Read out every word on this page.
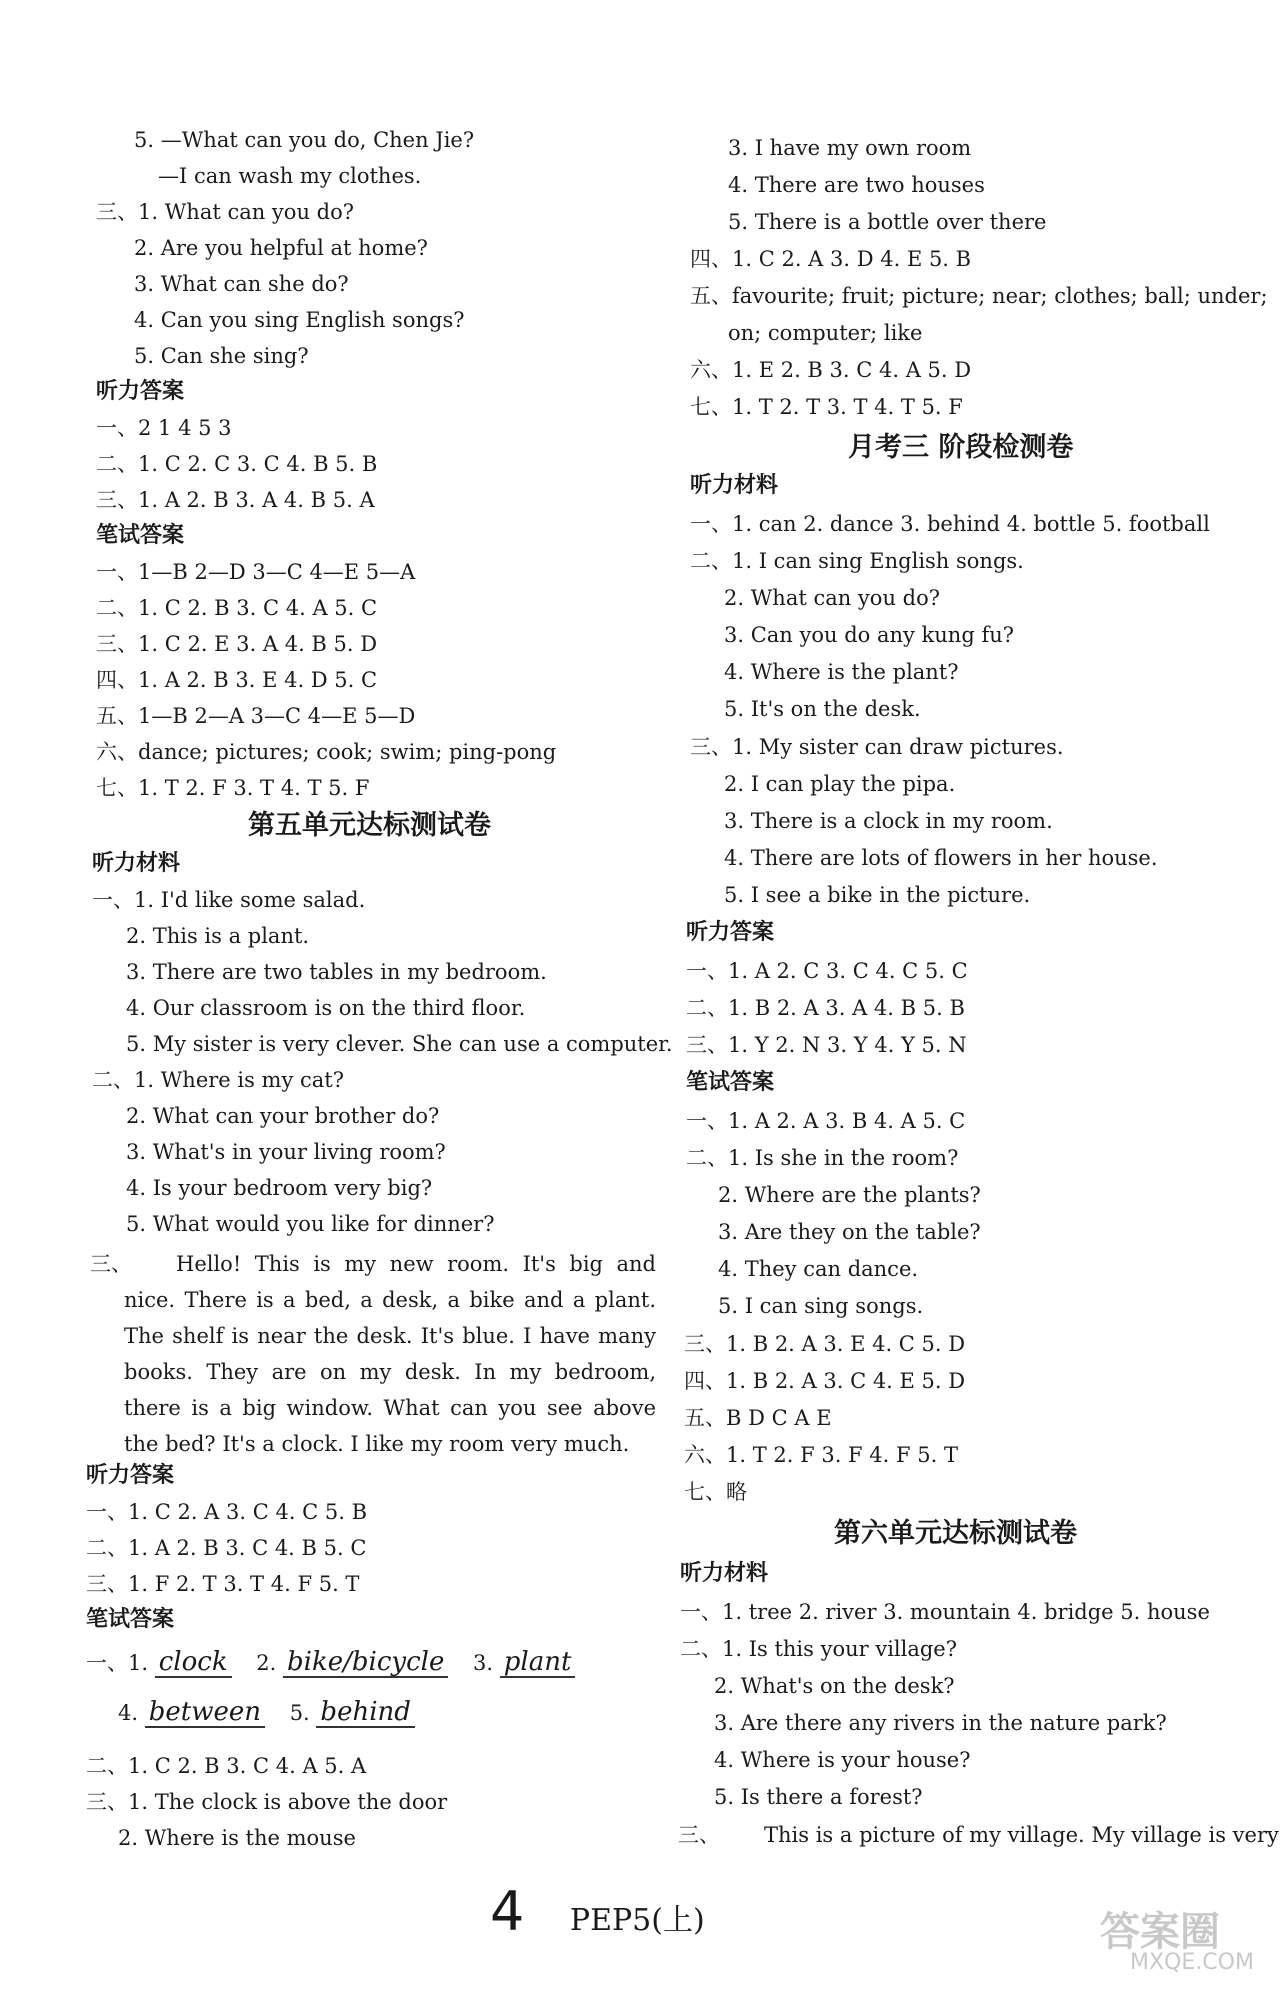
5. —What can you do, Chen Jie?
—I can wash my clothes.
三、1. What can you do?
2. Are you helpful at home?
3. What can she do?
4. Can you sing English songs?
5. Can she sing?
听力答案
一、2 1 4 5 3
二、1. C 2. C 3. C 4. B 5. B
三、1. A 2. B 3. A 4. B 5. A
笔试答案
一、1—B 2—D 3—C 4—E 5—A
二、1. C 2. B 3. C 4. A 5. C
三、1. C 2. E 3. A 4. B 5. D
四、1. A 2. B 3. E 4. D 5. C
五、1—B 2—A 3—C 4—E 5—D
六、dance; pictures; cook; swim; ping-pong
七、1. T 2. F 3. T 4. T 5. F
第五单元达标测试卷
听力材料
一、1. I'd like some salad.
2. This is a plant.
3. There are two tables in my bedroom.
4. Our classroom is on the third floor.
5. My sister is very clever. She can use a computer.
二、1. Where is my cat?
2. What can your brother do?
3. What's in your living room?
4. Is your bedroom very big?
5. What would you like for dinner?
三、	Hello! This is my new room. It's big and nice. There is a bed, a desk, a bike and a plant. The shelf is near the desk. It's blue. I have many books. They are on my desk. In my bedroom, there is a big window. What can you see above the bed? It's a clock. I like my room very much.
听力答案
一、1. C 2. A 3. C 4. C 5. B
二、1. A 2. B 3. C 4. B 5. C
三、1. F 2. T 3. T 4. F 5. T
笔试答案
一、1. clock 2. bike/bicycle 3. plant
4. between 5. behind
二、1. C 2. B 3. C 4. A 5. A
三、1. The clock is above the door
2. Where is the mouse
3. I have my own room
4. There are two houses
5. There is a bottle over there
四、1. C 2. A 3. D 4. E 5. B
五、favourite; fruit; picture; near; clothes; ball; under;
on; computer; like
六、1. E 2. B 3. C 4. A 5. D
七、1. T 2. T 3. T 4. T 5. F
月考三 阶段检测卷
听力材料
一、1. can 2. dance 3. behind 4. bottle 5. football
二、1. I can sing English songs.
2. What can you do?
3. Can you do any kung fu?
4. Where is the plant?
5. It's on the desk.
三、1. My sister can draw pictures.
2. I can play the pipa.
3. There is a clock in my room.
4. There are lots of flowers in her house.
5. I see a bike in the picture.
听力答案
一、1. A 2. C 3. C 4. C 5. C
二、1. B 2. A 3. A 4. B 5. B
三、1. Y 2. N 3. Y 4. Y 5. N
笔试答案
一、1. A 2. A 3. B 4. A 5. C
二、1. Is she in the room?
2. Where are the plants?
3. Are they on the table?
4. They can dance.
5. I can sing songs.
三、1. B 2. A 3. E 4. C 5. D
四、1. B 2. A 3. C 4. E 5. D
五、B D C A E
六、1. T 2. F 3. F 4. F 5. T
七、略
第六单元达标测试卷
听力材料
一、1. tree 2. river 3. mountain 4. bridge 5. house
二、1. Is this your village?
2. What's on the desk?
3. Are there any rivers in the nature park?
4. Where is your house?
5. Is there a forest?
三、 This is a picture of my village. My village is very
4 PEP5(上)	答案圈
MXQE.COM
